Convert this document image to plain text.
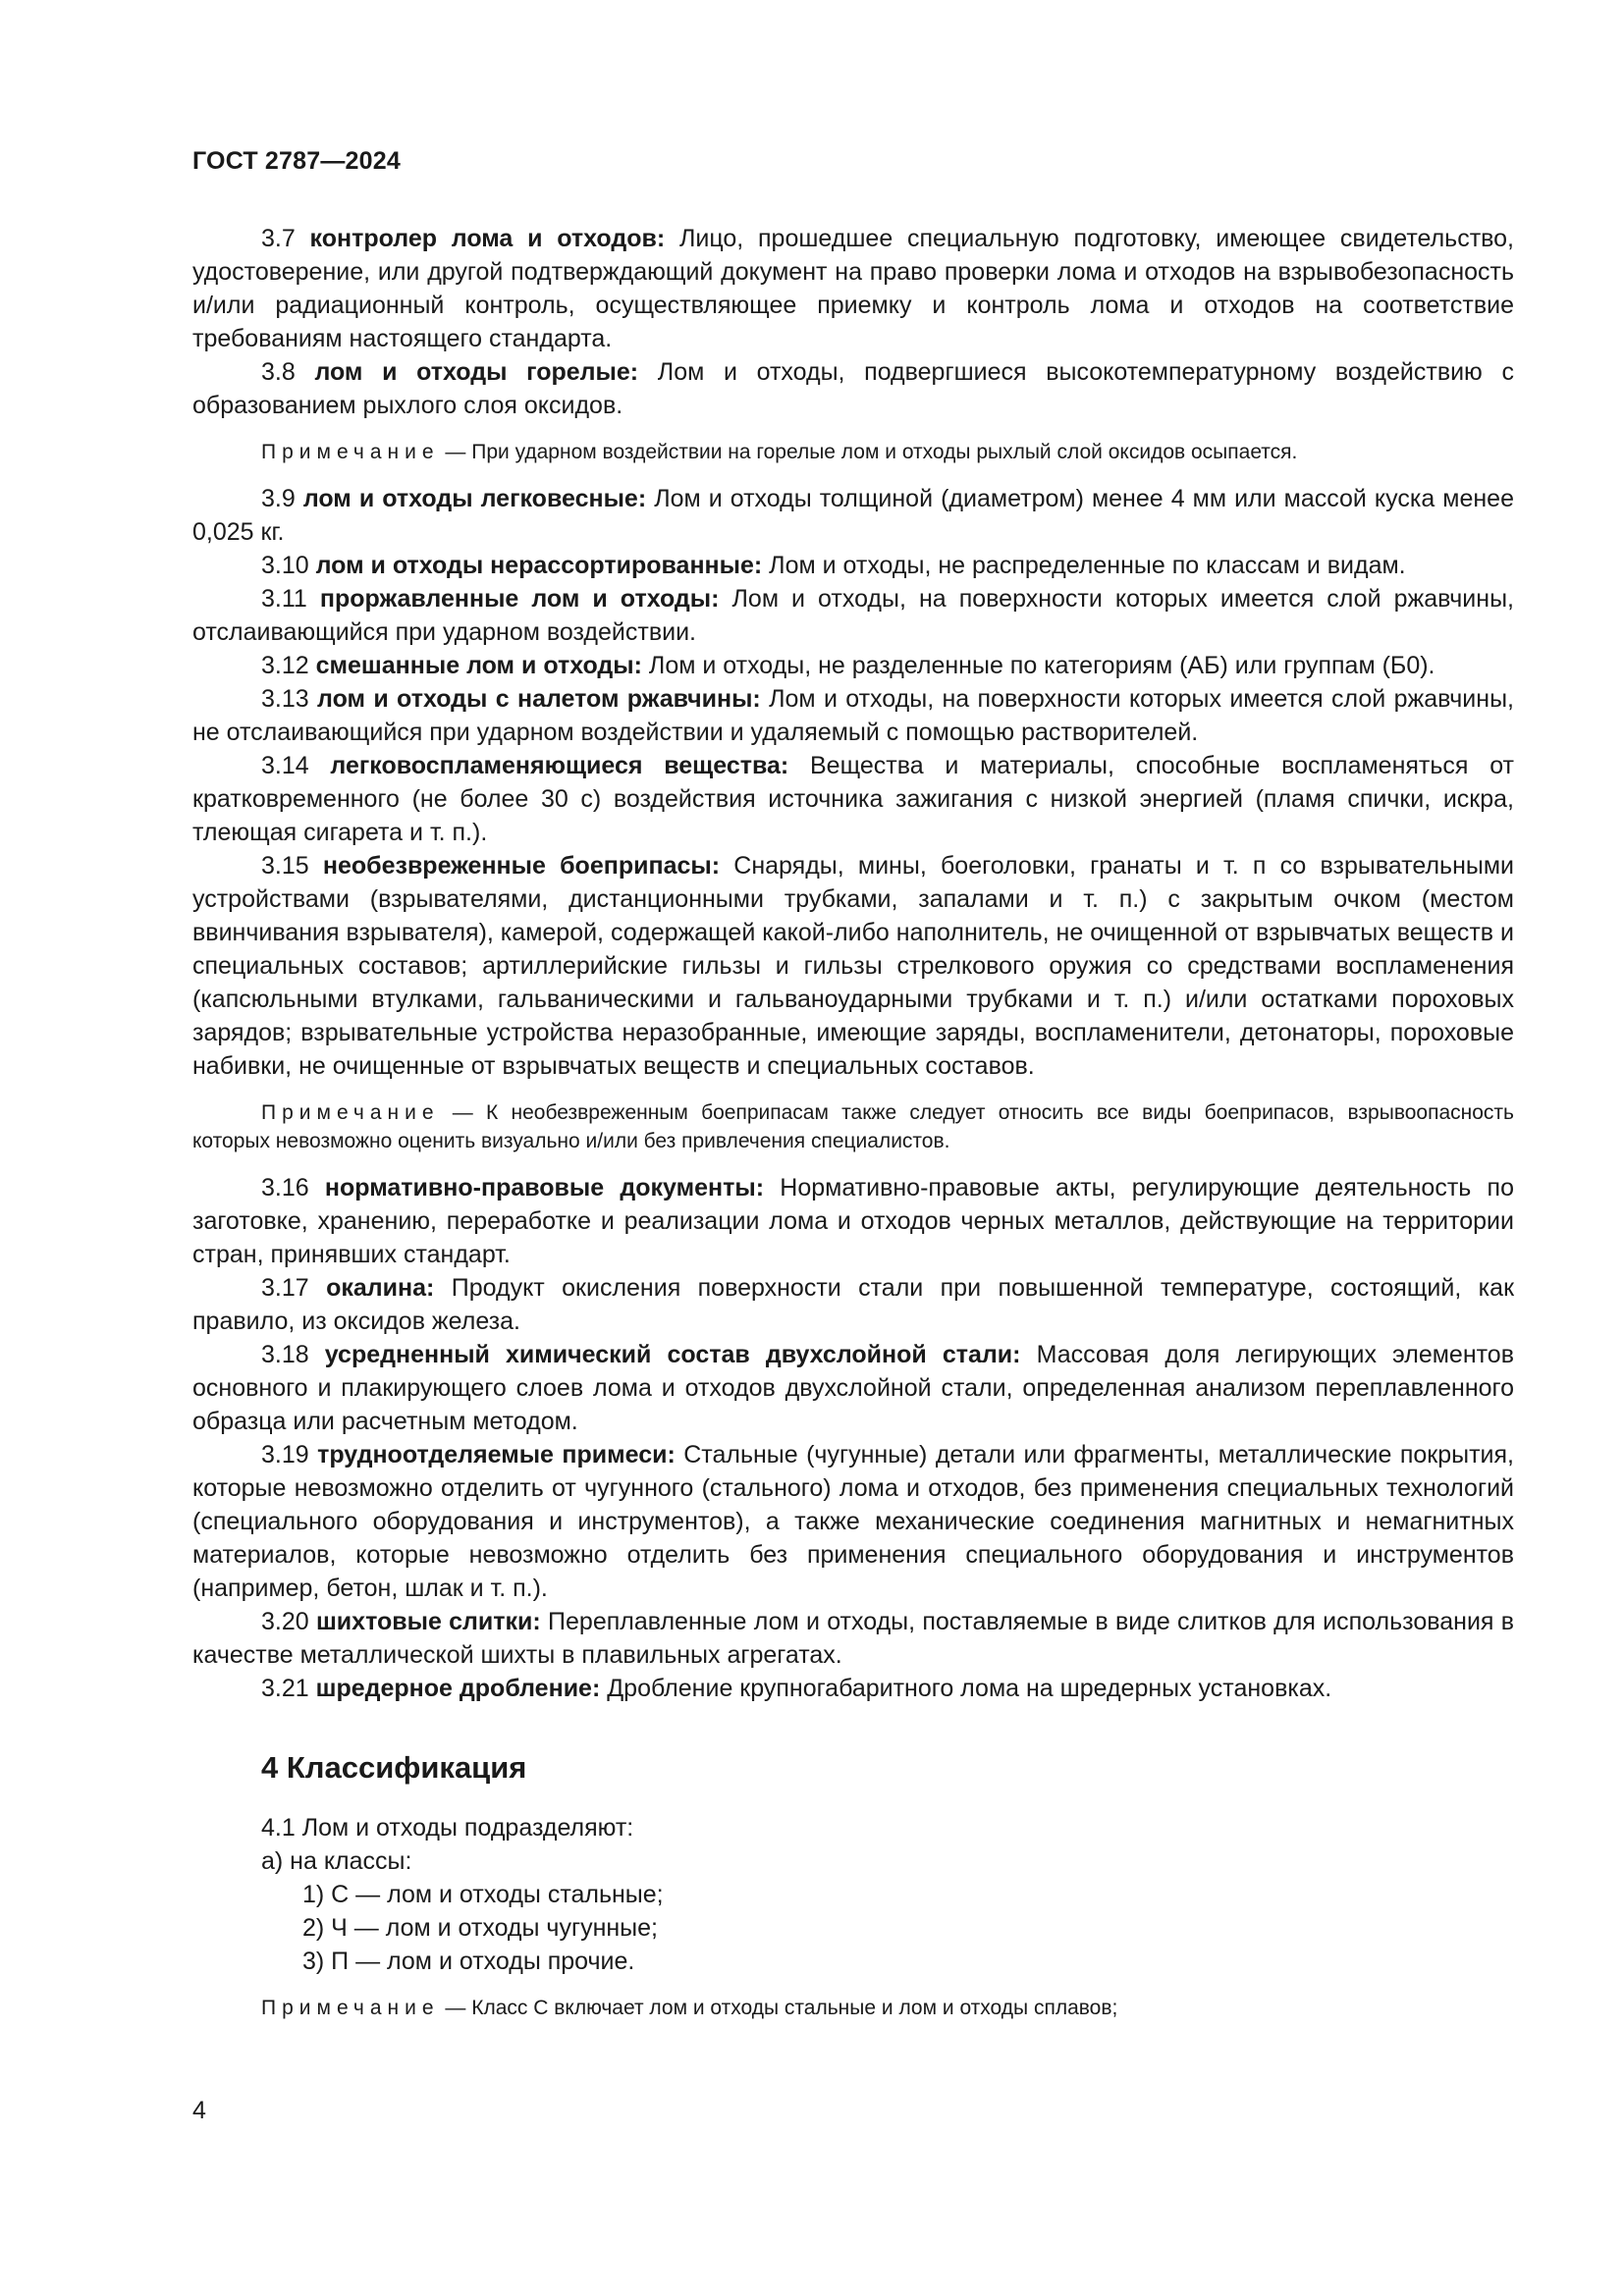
ГОСТ 2787—2024

3.7 контролер лома и отходов: Лицо, прошедшее специальную подготовку, имеющее свидетельство, удостоверение, или другой подтверждающий документ на право проверки лома и отходов на взрывобезопасность и/или радиационный контроль, осуществляющее приемку и контроль лома и отходов на соответствие требованиям настоящего стандарта.

3.8 лом и отходы горелые: Лом и отходы, подвергшиеся высокотемпературному воздействию с образованием рыхлого слоя оксидов.

Примечание — При ударном воздействии на горелые лом и отходы рыхлый слой оксидов осыпается.

3.9 лом и отходы легковесные: Лом и отходы толщиной (диаметром) менее 4 мм или массой куска менее 0,025 кг.

3.10 лом и отходы нерассортированные: Лом и отходы, не распределенные по классам и видам.

3.11 проржавленные лом и отходы: Лом и отходы, на поверхности которых имеется слой ржавчины, отслаивающийся при ударном воздействии.

3.12 смешанные лом и отходы: Лом и отходы, не разделенные по категориям (АБ) или группам (Б0).

3.13 лом и отходы с налетом ржавчины: Лом и отходы, на поверхности которых имеется слой ржавчины, не отслаивающийся при ударном воздействии и удаляемый с помощью растворителей.

3.14 легковоспламеняющиеся вещества: Вещества и материалы, способные воспламеняться от кратковременного (не более 30 с) воздействия источника зажигания с низкой энергией (пламя спички, искра, тлеющая сигарета и т. п.).

3.15 необезвреженные боеприпасы: Снаряды, мины, боеголовки, гранаты и т. п со взрывательными устройствами (взрывателями, дистанционными трубками, запалами и т. п.) с закрытым очком (местом ввинчивания взрывателя), камерой, содержащей какой-либо наполнитель, не очищенной от взрывчатых веществ и специальных составов; артиллерийские гильзы и гильзы стрелкового оружия со средствами воспламенения (капсюльными втулками, гальваническими и гальваноударными трубками и т. п.) и/или остатками пороховых зарядов; взрывательные устройства неразобранные, имеющие заряды, воспламенители, детонаторы, пороховые набивки, не очищенные от взрывчатых веществ и специальных составов.

Примечание — К необезвреженным боеприпасам также следует относить все виды боеприпасов, взрывоопасность которых невозможно оценить визуально и/или без привлечения специалистов.

3.16 нормативно-правовые документы: Нормативно-правовые акты, регулирующие деятельность по заготовке, хранению, переработке и реализации лома и отходов черных металлов, действующие на территории стран, принявших стандарт.

3.17 окалина: Продукт окисления поверхности стали при повышенной температуре, состоящий, как правило, из оксидов железа.

3.18 усредненный химический состав двухслойной стали: Массовая доля легирующих элементов основного и плакирующего слоев лома и отходов двухслойной стали, определенная анализом переплавленного образца или расчетным методом.

3.19 трудноотделяемые примеси: Стальные (чугунные) детали или фрагменты, металлические покрытия, которые невозможно отделить от чугунного (стального) лома и отходов, без применения специальных технологий (специального оборудования и инструментов), а также механические соединения магнитных и немагнитных материалов, которые невозможно отделить без применения специального оборудования и инструментов (например, бетон, шлак и т. п.).

3.20 шихтовые слитки: Переплавленные лом и отходы, поставляемые в виде слитков для использования в качестве металлической шихты в плавильных агрегатах.

3.21 шредерное дробление: Дробление крупногабаритного лома на шредерных установках.

4 Классификация

4.1 Лом и отходы подразделяют:

а) на классы:

1) С — лом и отходы стальные;

2) Ч — лом и отходы чугунные;

3) П — лом и отходы прочие.

Примечание — Класс С включает лом и отходы стальные и лом и отходы сплавов;

4
